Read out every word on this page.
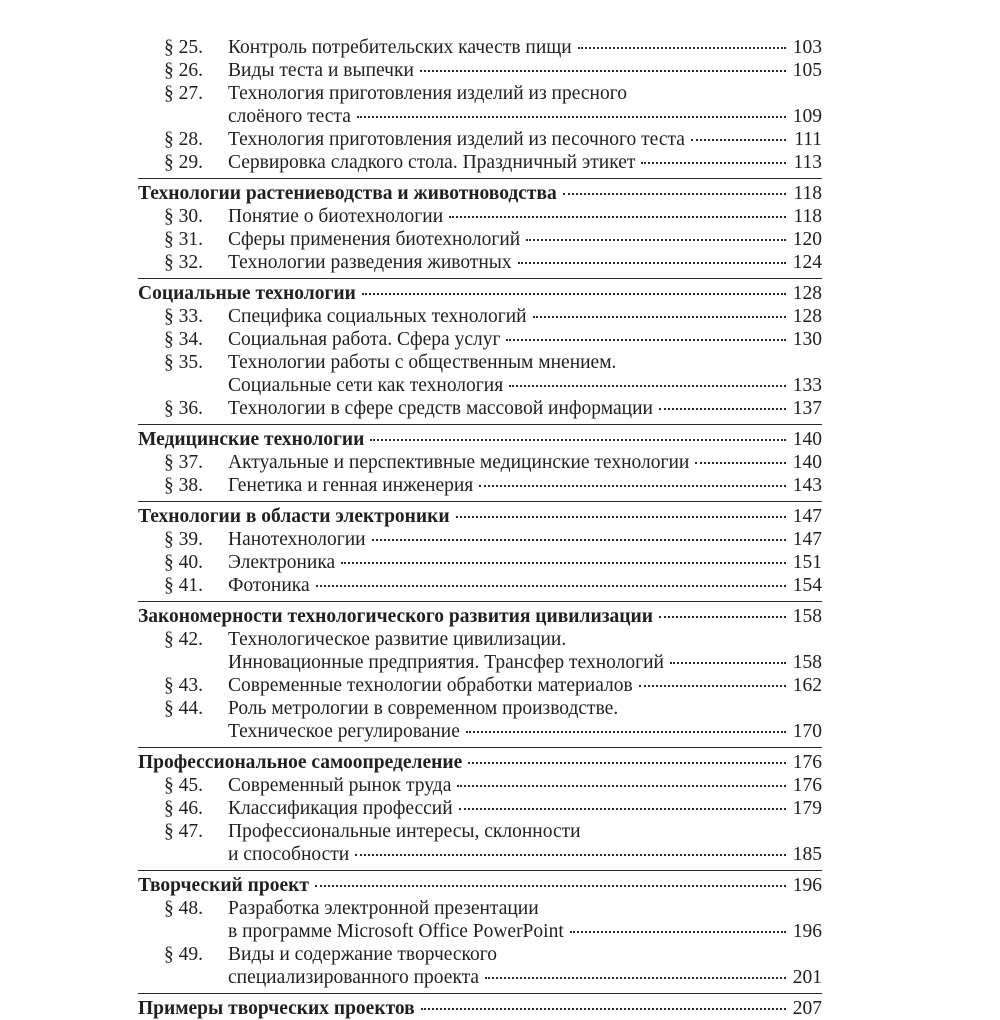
§ 25.	Контроль потребительских качеств пищи	103
§ 26.	Виды теста и выпечки	105
§ 27.	Технология приготовления изделий из пресного
слоёного теста	109
§ 28.	Технология приготовления изделий из песочного теста	111
§ 29.	Сервировка сладкого стола. Праздничный этикет	113
Технологии растениеводства и животноводства	118
§ 30.	Понятие о биотехнологии	118
§ 31.	Сферы применения биотехнологий	120
§ 32.	Технологии разведения животных	124
Социальные технологии	128
§ 33.	Специфика социальных технологий	128
§ 34.	Социальная работа. Сфера услуг	130
§ 35.	Технологии работы с общественным мнением.
Социальные сети как технология	133
§ 36.	Технологии в сфере средств массовой информации	137
Медицинские технологии	140
§ 37.	Актуальные и перспективные медицинские технологии	140
§ 38.	Генетика и генная инженерия	143
Технологии в области электроники	147
§ 39.	Нанотехнологии	147
§ 40.	Электроника	151
§ 41.	Фотоника	154
Закономерности технологического развития цивилизации	158
§ 42.	Технологическое развитие цивилизации.
Инновационные предприятия. Трансфер технологий	158
§ 43.	Современные технологии обработки материалов	162
§ 44.	Роль метрологии в современном производстве.
Техническое регулирование	170
Профессиональное самоопределение	176
§ 45.	Современный рынок труда	176
§ 46.	Классификация профессий	179
§ 47.	Профессиональные интересы, склонности
и способности	185
Творческий проект	196
§ 48.	Разработка электронной презентации
в программе Microsoft Office PowerPoint	196
§ 49.	Виды и содержание творческого
специализированного проекта	201
Примеры творческих проектов	207
